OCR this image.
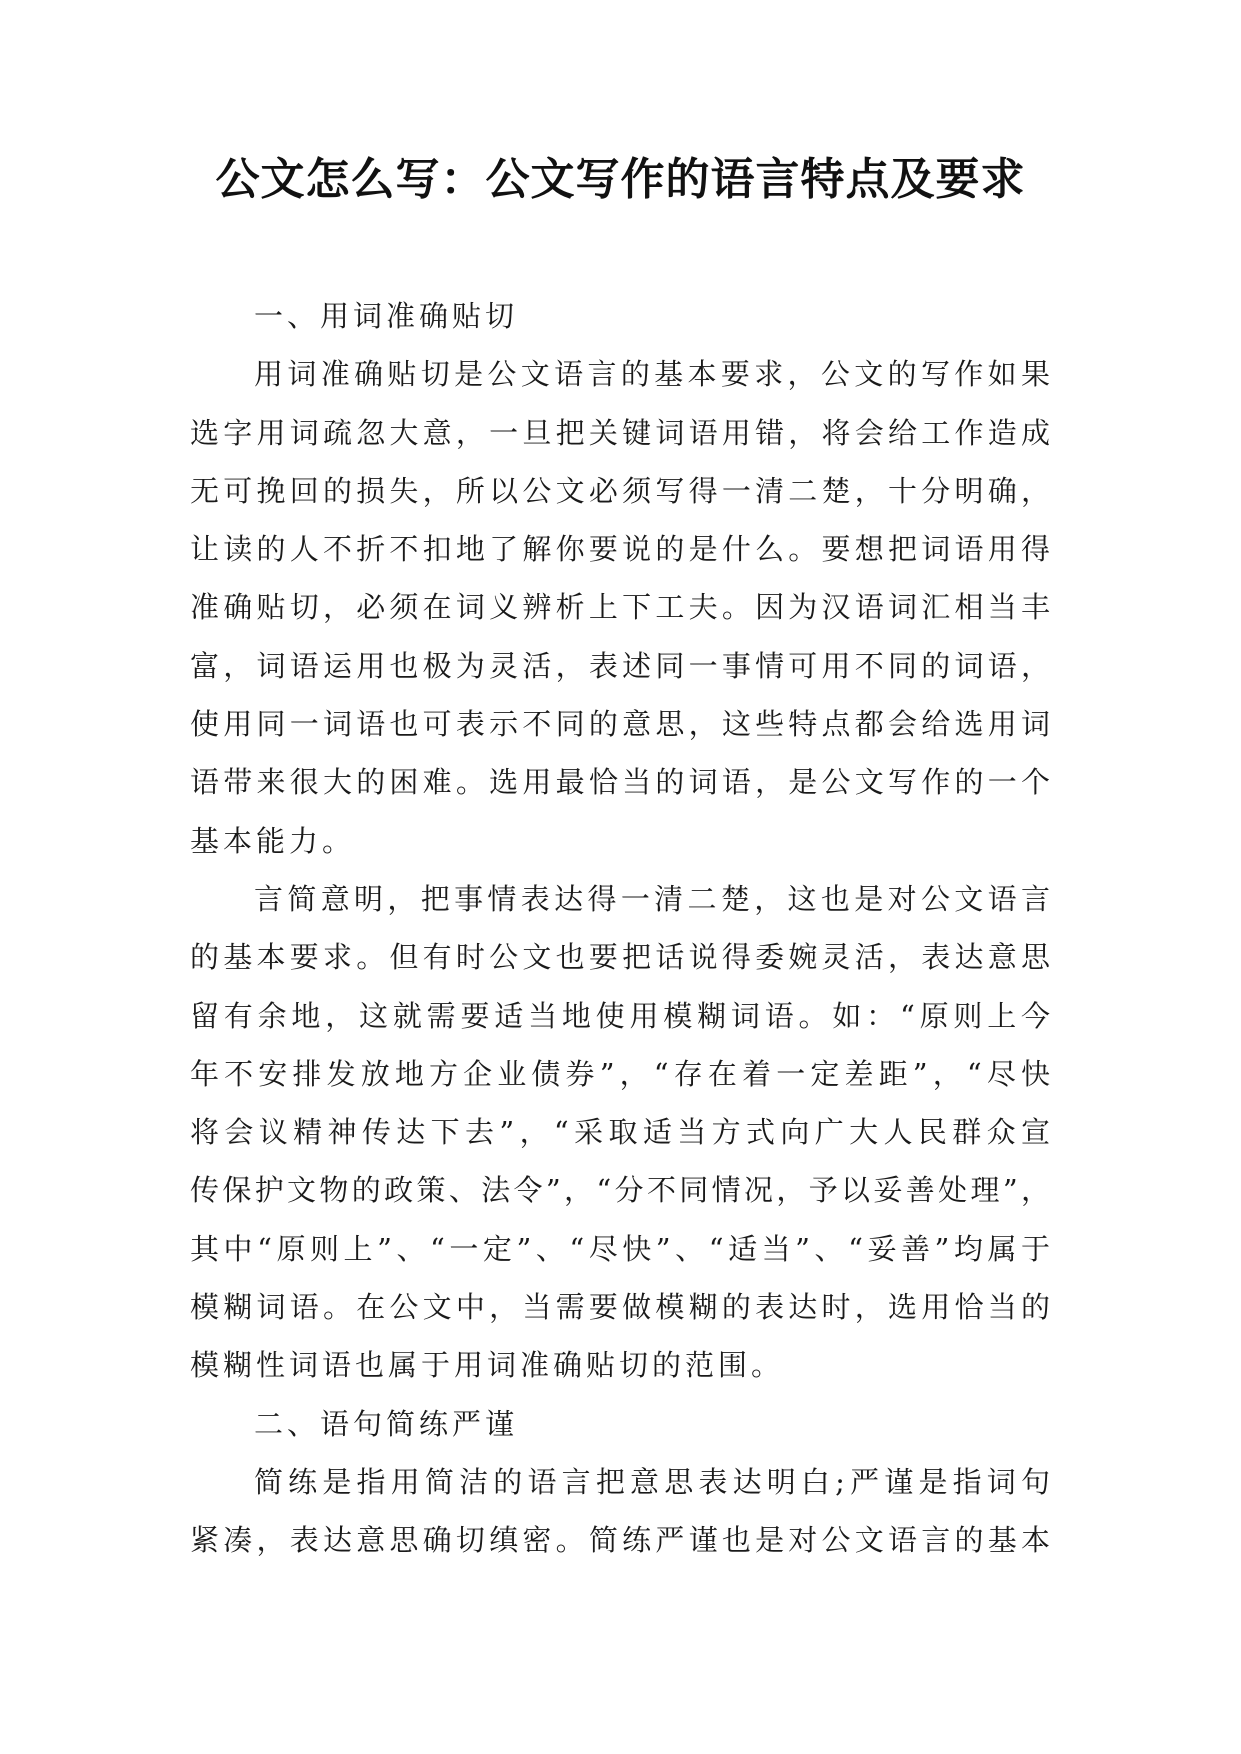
公文怎么写：公文写作的语言特点及要求
一、用词准确贴切
用词准确贴切是公文语言的基本要求，公文的写作如果
选字用词疏忽大意，一旦把关键词语用错，将会给工作造成
无可挽回的损失，所以公文必须写得一清二楚，十分明确，
让读的人不折不扣地了解你要说的是什么。要想把词语用得
准确贴切，必须在词义辨析上下工夫。因为汉语词汇相当丰
富，词语运用也极为灵活，表述同一事情可用不同的词语，
使用同一词语也可表示不同的意思，这些特点都会给选用词
语带来很大的困难。选用最恰当的词语，是公文写作的一个
基本能力。
言简意明，把事情表达得一清二楚，这也是对公文语言
的基本要求。但有时公文也要把话说得委婉灵活，表达意思
留有余地，这就需要适当地使用模糊词语。如：“原则上今
年不安排发放地方企业债券”，“存在着一定差距”，“尽快
将会议精神传达下去”，“采取适当方式向广大人民群众宣
传保护文物的政策、法令”，“分不同情况，予以妥善处理”，
其中“原则上”、“一定”、“尽快”、“适当”、“妥善”均属于
模糊词语。在公文中，当需要做模糊的表达时，选用恰当的
模糊性词语也属于用词准确贴切的范围。
二、语句简练严谨
简练是指用简洁的语言把意思表达明白;严谨是指词句
紧凑，表达意思确切缜密。简练严谨也是对公文语言的基本
